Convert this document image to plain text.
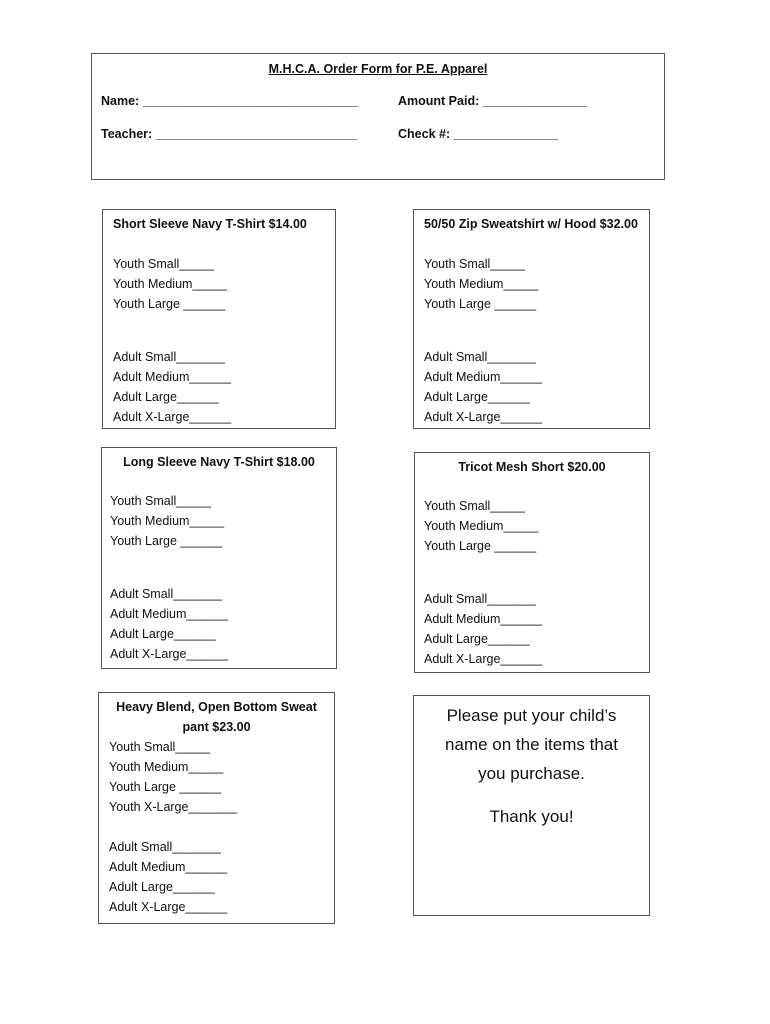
M.H.C.A. Order Form for P.E. Apparel
Name: _______________________________	Amount Paid: _______________
Teacher: _____________________________	Check #: _______________
Short Sleeve Navy T-Shirt $14.00
Youth Small_____
Youth Medium_____
Youth Large ______
Adult Small_______
Adult Medium______
Adult Large______
Adult X-Large______
50/50 Zip Sweatshirt w/ Hood $32.00
Youth Small_____
Youth Medium_____
Youth Large ______
Adult Small_______
Adult Medium______
Adult Large______
Adult X-Large______
Long Sleeve Navy T-Shirt $18.00
Youth Small_____
Youth Medium_____
Youth Large ______
Adult Small_______
Adult Medium______
Adult Large______
Adult X-Large______
Tricot Mesh Short $20.00
Youth Small_____
Youth Medium_____
Youth Large ______
Adult Small_______
Adult Medium______
Adult Large______
Adult X-Large______
Heavy Blend, Open Bottom Sweat
pant $23.00
Youth Small_____
Youth Medium_____
Youth Large ______
Youth X-Large_______
Adult Small_______
Adult Medium______
Adult Large______
Adult X-Large______
Please put your child’s
name on the items that
you purchase.
Thank you!
